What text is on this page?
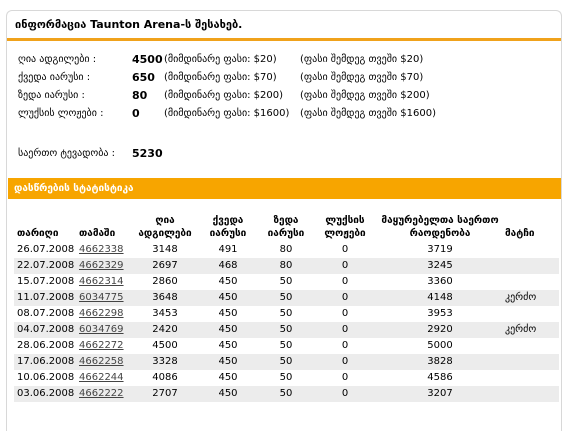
ინფორმაცია Taunton Arena-ს შესახებ.
ღია ადგილები :	4500 (მიმდინარე ფასი: $20) (ფასი შემდეგ თვეში $20)
ქვედა იარუსი :	650 (მიმდინარე ფასი: $70) (ფასი შემდეგ თვეში $70)
ზედა იარუსი :	80 (მიმდინარე ფასი: $200) (ფასი შემდეგ თვეში $200)
ლუქსის ლოჟები :	0 (მიმდინარე ფასი: $1600) (ფასი შემდეგ თვეში $1600)
საერთო ტევადობა : 5230
დასწრების სტატისტიკა
თარიღი	თამაში	ღია ადგილები	ქვედა იარუსი	ზედა იარუსი	ლუქსის ლოჟები	მაყურებელთა საერთო რაოდენობა	მატჩი
26.07.2008	4662338	3148	491	80	0	3719	
22.07.2008	4662329	2697	468	80	0	3245	
15.07.2008	4662314	2860	450	50	0	3360	
11.07.2008	6034775	3648	450	50	0	4148	კერძო
08.07.2008	4662298	3453	450	50	0	3953	
04.07.2008	6034769	2420	450	50	0	2920	კერძო
28.06.2008	4662272	4500	450	50	0	5000	
17.06.2008	4662258	3328	450	50	0	3828	
10.06.2008	4662244	4086	450	50	0	4586	
03.06.2008	4662222	2707	450	50	0	3207	
